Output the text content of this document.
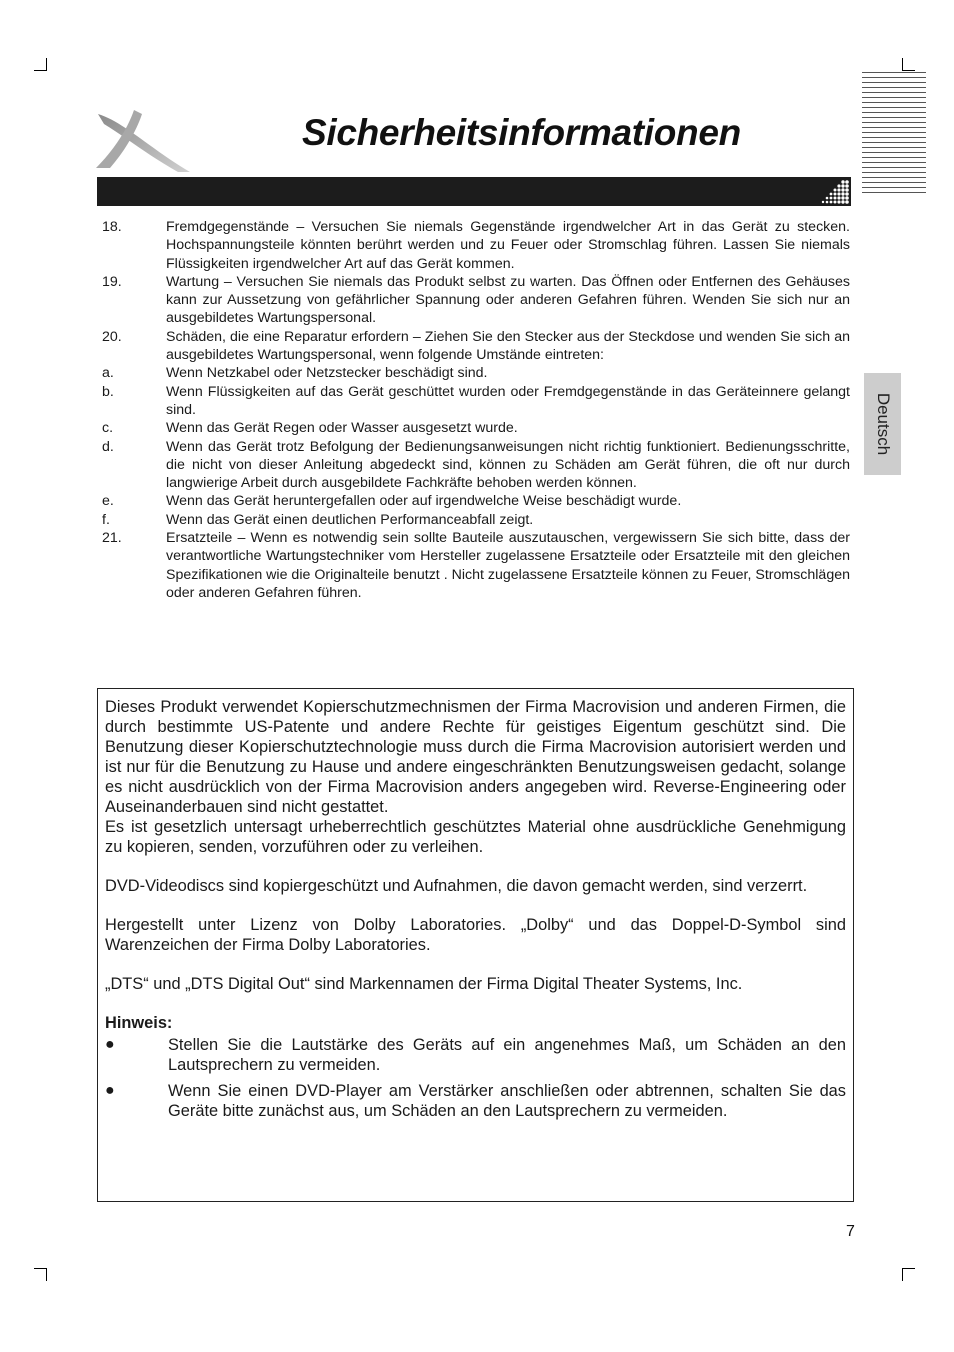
Sicherheitsinformationen
Deutsch
18.	Fremdgegenstände – Versuchen Sie niemals Gegenstände irgendwelcher Art in das Gerät zu stecken. Hochspannungsteile könnten berührt werden und zu Feuer oder Stromschlag führen. Lassen Sie niemals Flüssigkeiten irgendwelcher Art auf das Gerät kommen.
19.	Wartung – Versuchen Sie niemals das Produkt selbst zu warten. Das Öffnen oder Entfernen des Gehäuses kann zur Aussetzung von gefährlicher Spannung oder anderen Gefahren führen. Wenden Sie sich nur an ausgebildetes Wartungspersonal.
20.	Schäden, die eine Reparatur erfordern – Ziehen Sie den Stecker aus der Steckdose und wenden Sie sich an ausgebildetes Wartungspersonal, wenn folgende Umstände eintreten:
a.	Wenn Netzkabel oder Netzstecker beschädigt sind.
b.	Wenn Flüssigkeiten auf das Gerät geschüttet wurden oder Fremdgegenstände in das Geräteinnere gelangt sind.
c.	Wenn das Gerät Regen oder Wasser ausgesetzt wurde.
d.	Wenn das Gerät trotz Befolgung der Bedienungsanweisungen nicht richtig funktioniert. Bedienungsschritte, die nicht von dieser Anleitung abgedeckt sind, können zu Schäden am Gerät führen, die oft nur durch langwierige Arbeit durch ausgebildete Fachkräfte behoben werden können.
e.	Wenn das Gerät heruntergefallen oder auf irgendwelche Weise beschädigt wurde.
f.	Wenn das Gerät einen deutlichen Performanceabfall zeigt.
21.	Ersatzteile – Wenn es notwendig sein sollte Bauteile auszutauschen, vergewissern Sie sich bitte, dass der verantwortliche Wartungstechniker vom Hersteller zugelassene Ersatzteile oder Ersatzteile mit den gleichen Spezifikationen wie die Originalteile benutzt . Nicht zugelassene Ersatzteile können zu Feuer, Stromschlägen oder anderen Gefahren führen.

Dieses Produkt verwendet Kopierschutzmechnismen der Firma Macrovision und anderen Firmen, die durch bestimmte US-Patente und andere Rechte für geistiges Eigentum geschützt sind. Die Benutzung dieser Kopierschutztechnologie muss durch die Firma Macrovision autorisiert werden und ist nur für die Benutzung zu Hause und andere eingeschränkten Benutzungsweisen gedacht, solange es nicht ausdrücklich von der Firma Macrovision anders angegeben wird. Reverse-Engineering oder Auseinanderbauen sind nicht gestattet.

Es ist gesetzlich untersagt urheberrechtlich geschütztes Material ohne ausdrückliche Genehmigung zu kopieren, senden, vorzuführen oder zu verleihen.

DVD-Videodiscs sind kopiergeschützt und Aufnahmen, die davon gemacht werden, sind verzerrt.

Hergestellt unter Lizenz von Dolby Laboratories. „Dolby“ und das Doppel-D-Symbol sind Warenzeichen der Firma Dolby Laboratories.

„DTS“ und „DTS Digital Out“ sind Markennamen der Firma Digital Theater Systems, Inc.

Hinweis:
●	Stellen Sie die Lautstärke des Geräts auf ein angenehmes Maß, um Schäden an den Lautsprechern zu vermeiden.
●	Wenn Sie einen DVD-Player am Verstärker anschließen oder abtrennen, schalten Sie das Geräte bitte zunächst aus, um Schäden an den Lautsprechern zu vermeiden.
7
